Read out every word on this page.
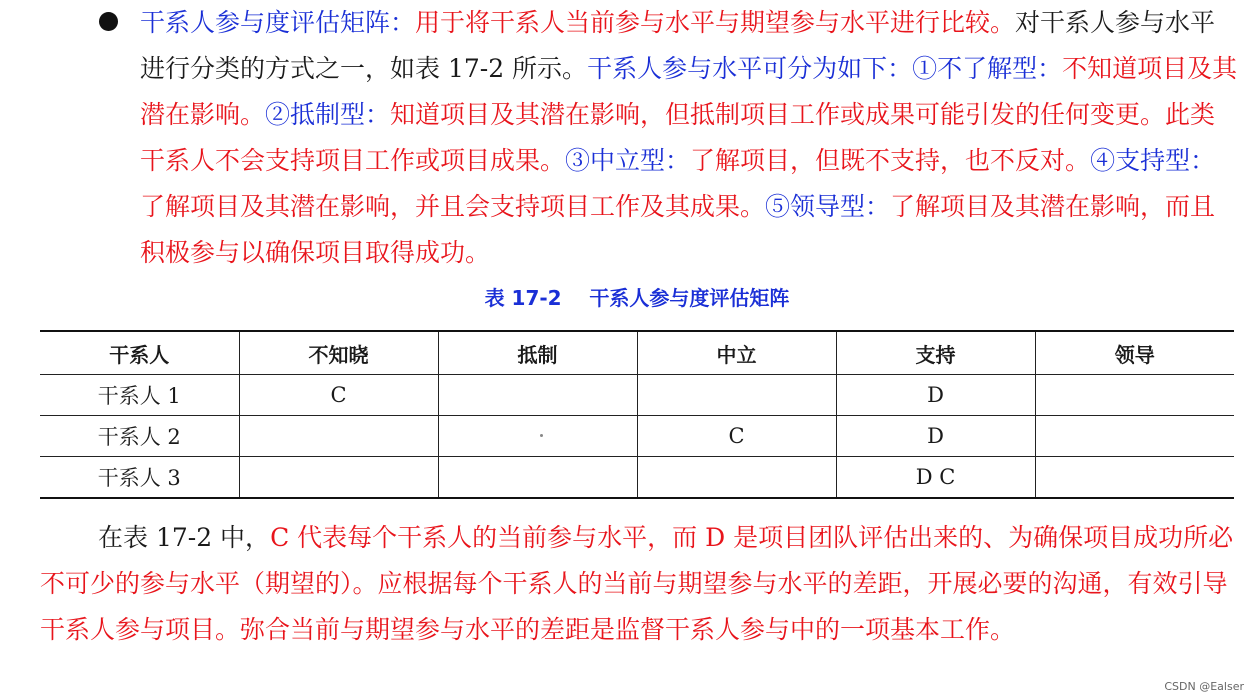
干系人参与度评估矩阵：用于将干系人当前参与水平与期望参与水平进行比较。对干系人参与水平进行分类的方式之一，如表 17-2 所示。干系人参与水平可分为如下：①不了解型：不知道项目及其潜在影响。②抵制型：知道项目及其潜在影响，但抵制项目工作或成果可能引发的任何变更。此类干系人不会支持项目工作或项目成果。③中立型：了解项目，但既不支持，也不反对。④支持型：了解项目及其潜在影响，并且会支持项目工作及其成果。⑤领导型：了解项目及其潜在影响，而且积极参与以确保项目取得成功。
表 17-2    干系人参与度评估矩阵
干系人	不知晓	抵制	中立	支持	领导
干系人 1	C			D	
干系人 2			C	D	
干系人 3				D C	
在表 17-2 中，C 代表每个干系人的当前参与水平，而 D 是项目团队评估出来的、为确保项目成功所必不可少的参与水平（期望的）。应根据每个干系人的当前与期望参与水平的差距，开展必要的沟通，有效引导干系人参与项目。弥合当前与期望参与水平的差距是监督干系人参与中的一项基本工作。
CSDN @Ealser
